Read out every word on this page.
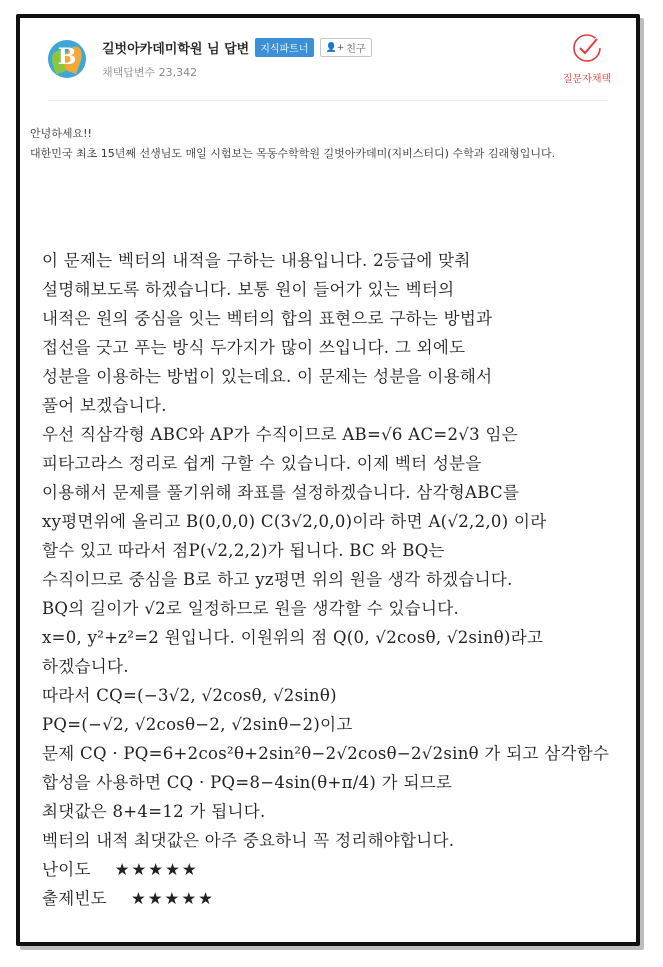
B	길벗아카데미학원 님 답변	지식파트너	👤+ 친구
채택답변수 23,342
질문자채택
안녕하세요!!
대한민국 최초 15년째 선생님도 매일 시험보는 목동수학학원 길벗아카데미(지비스터디) 수학과 김래형입니다.

이 문제는 벡터의 내적을 구하는 내용입니다. 2등급에 맞춰

설명해보도록 하겠습니다. 보통 원이 들어가 있는 벡터의

내적은 원의 중심을 잇는 벡터의 합의 표현으로 구하는 방법과

접선을 긋고 푸는 방식 두가지가 많이 쓰입니다. 그 외에도

성분을 이용하는 방법이 있는데요. 이 문제는 성분을 이용해서

풀어 보겠습니다.

우선 직삼각형 ABC와 AP가 수직이므로 AB=√6 AC=2√3 임은

피타고라스 정리로 쉽게 구할 수 있습니다. 이제 벡터 성분을

이용해서 문제를 풀기위해 좌표를 설정하겠습니다. 삼각형ABC를

xy평면위에 올리고 B(0,0,0) C(3√2,0,0)이라 하면 A(√2,2,0) 이라

할수 있고 따라서 점P(√2,2,2)가 됩니다. BC 와 BQ는

수직이므로 중심을 B로 하고 yz평면 위의 원을 생각 하겠습니다.

BQ의 길이가 √2로 일정하므로 원을 생각할 수 있습니다.

x=0, y²+z²=2 원입니다. 이원위의 점 Q(0, √2cosθ, √2sinθ)라고

하겠습니다.

따라서 CQ=(−3√2, √2cosθ, √2sinθ)

PQ=(−√2, √2cosθ−2, √2sinθ−2)이고

문제 CQ · PQ=6+2cos²θ+2sin²θ−2√2cosθ−2√2sinθ 가 되고 삼각함수

합성을 사용하면 CQ · PQ=8−4sin(θ+π/4) 가 되므로

최댓값은 8+4=12 가 됩니다.

벡터의 내적 최댓값은 아주 중요하니 꼭 정리해야합니다.

난이도 ★★★★★

출제빈도 ★★★★★
